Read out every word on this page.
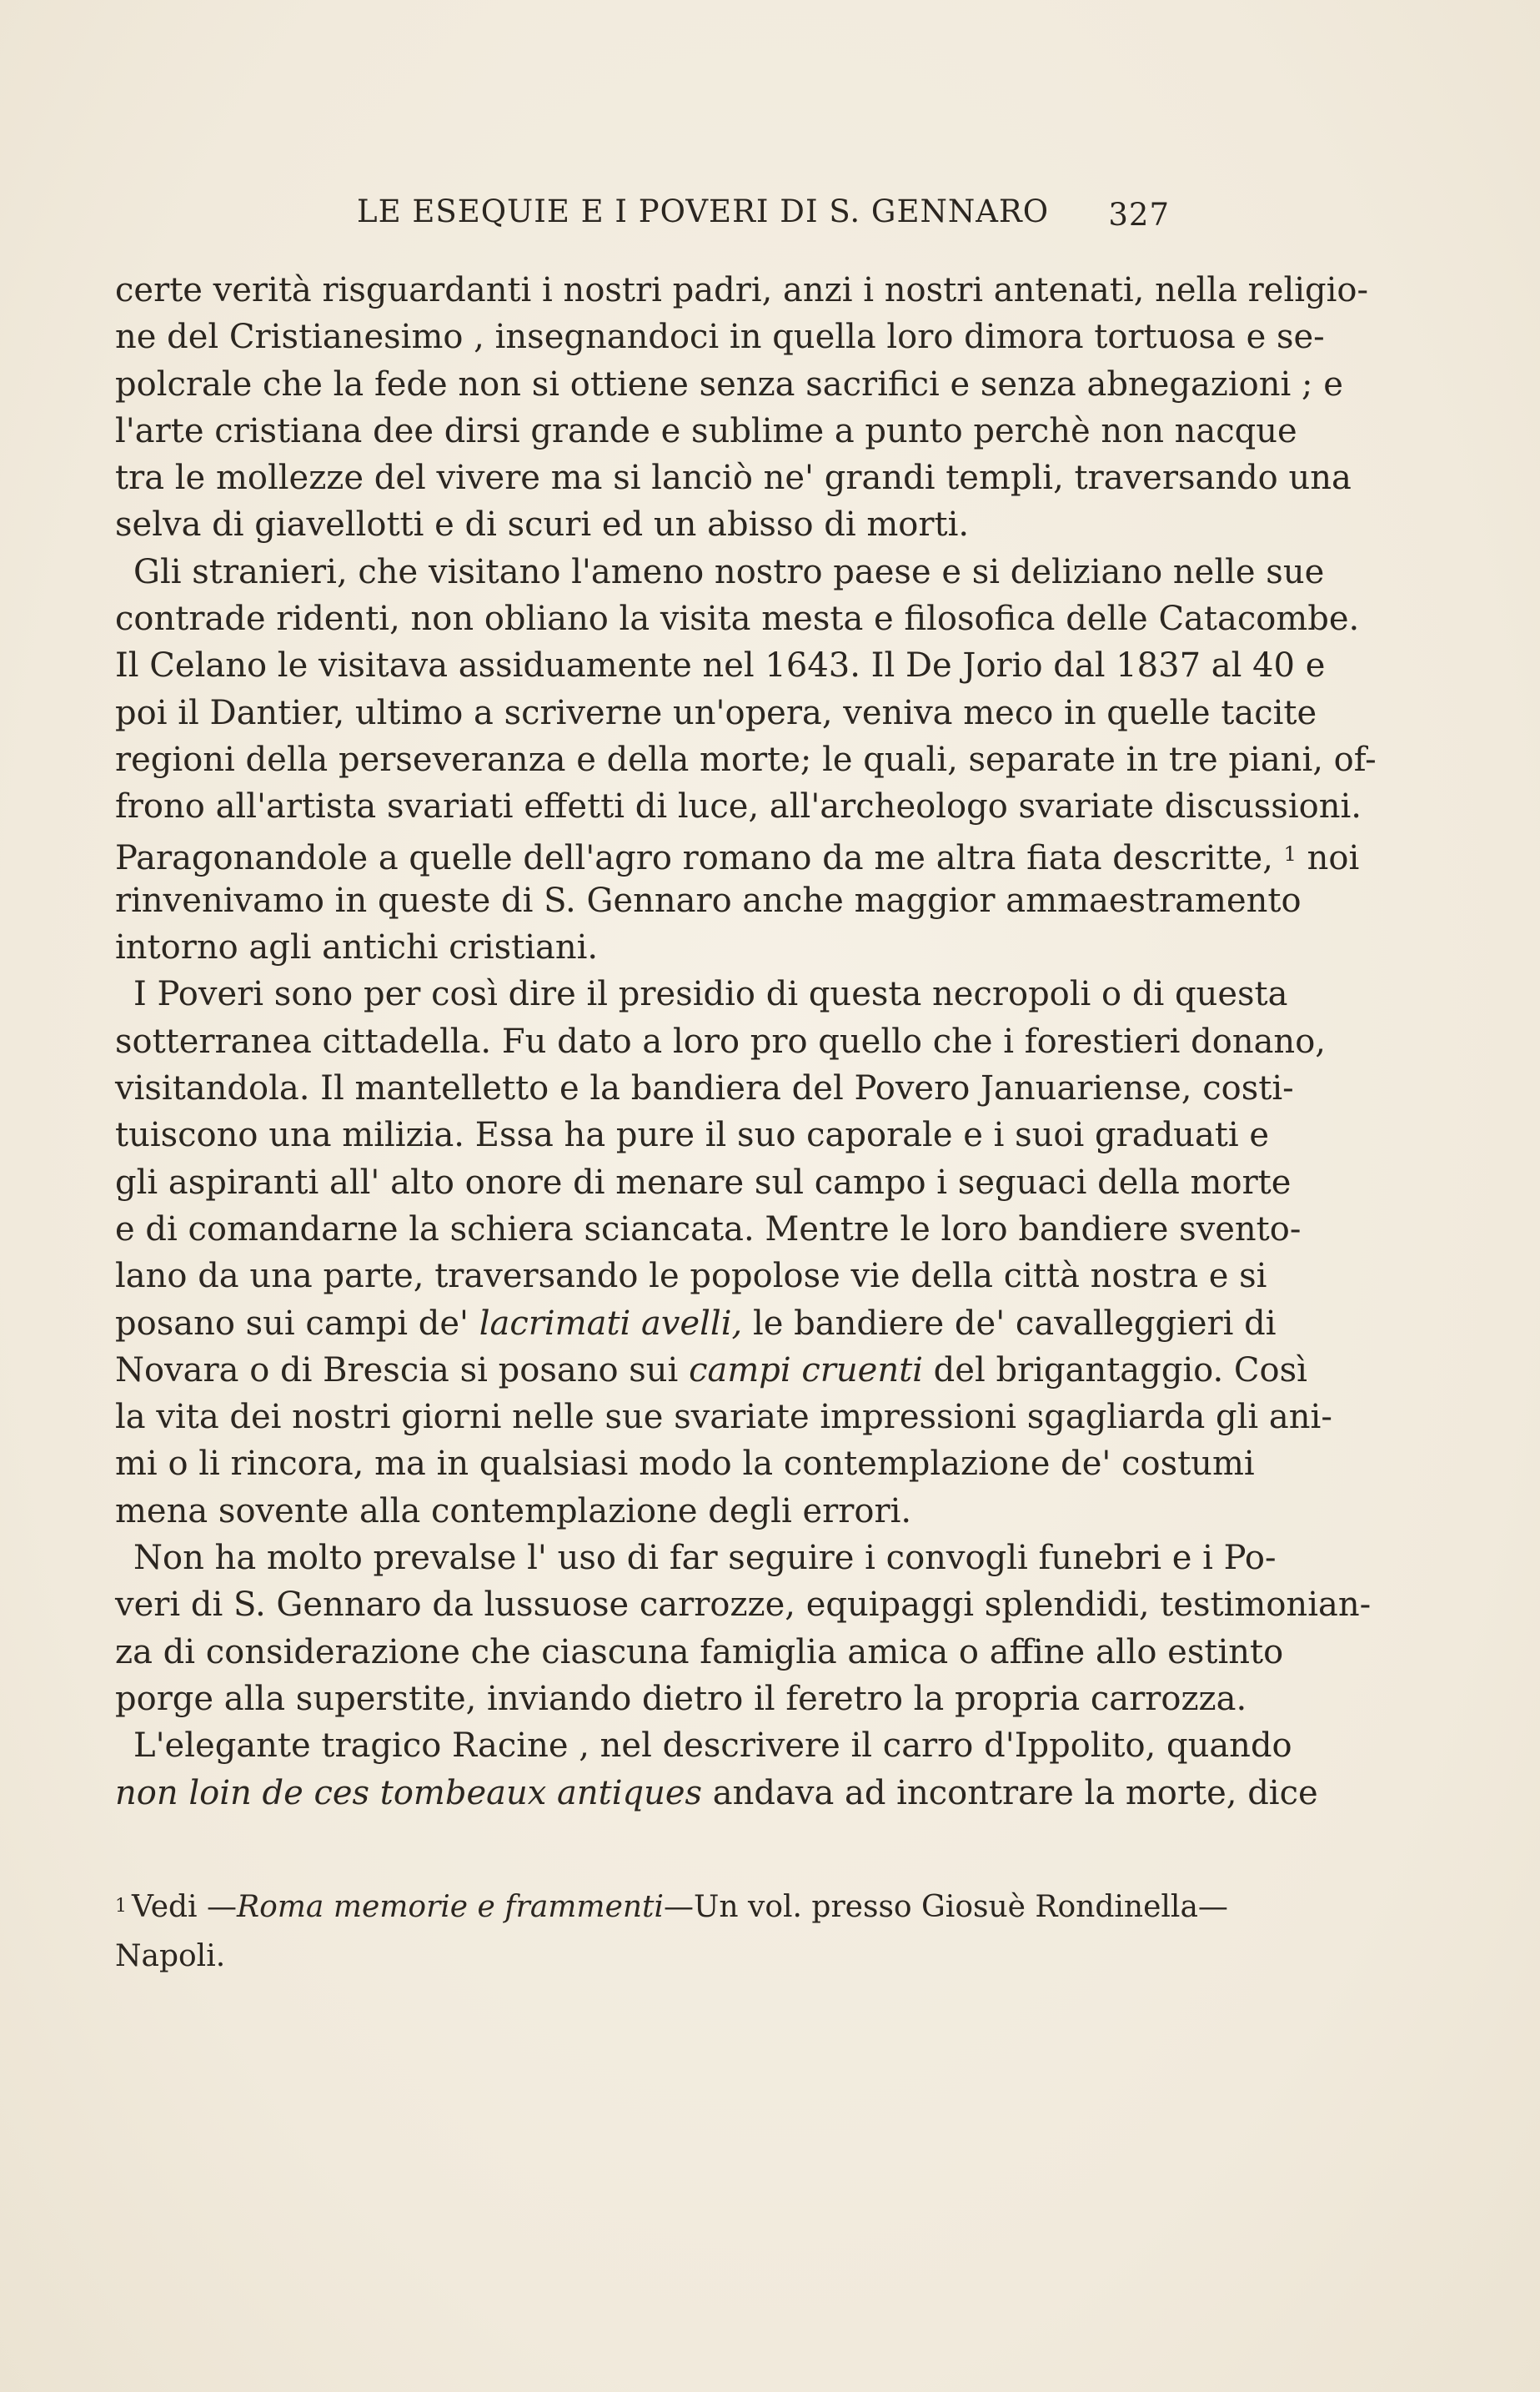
LE ESEQUIE E I POVERI DI S. GENNARO 327
certe verità risguardanti i nostri padri, anzi i nostri antenati, nella religio-
ne del Cristianesimo , insegnandoci in quella loro dimora tortuosa e se-
polcrale che la fede non si ottiene senza sacrifici e senza abnegazioni ; e
l'arte cristiana dee dirsi grande e sublime a punto perchè non nacque
tra le mollezze del vivere ma si lanciò ne' grandi templi, traversando una
selva di giavellotti e di scuri ed un abisso di morti.
Gli stranieri, che visitano l'ameno nostro paese e si deliziano nelle sue
contrade ridenti, non obliano la visita mesta e filosofica delle Catacombe.
Il Celano le visitava assiduamente nel 1643. Il De Jorio dal 1837 al 40 e
poi il Dantier, ultimo a scriverne un'opera, veniva meco in quelle tacite
regioni della perseveranza e della morte; le quali, separate in tre piani, of-
frono all'artista svariati effetti di luce, all'archeologo svariate discussioni.
Paragonandole a quelle dell'agro romano da me altra fiata descritte, $^1$ noi
rinvenivamo in queste di S. Gennaro anche maggior ammaestramento
intorno agli antichi cristiani.
I Poveri sono per così dire il presidio di questa necropoli o di questa
sotterranea cittadella. Fu dato a loro pro quello che i forestieri donano,
visitandola. Il mantelletto e la bandiera del Povero Januariense, costi-
tuiscono una milizia. Essa ha pure il suo caporale e i suoi graduati e
gli aspiranti all' alto onore di menare sul campo i seguaci della morte
e di comandarne la schiera sciancata. Mentre le loro bandiere svento-
lano da una parte, traversando le popolose vie della città nostra e si
posano sui campi de' lacrimati avelli, le bandiere de' cavalleggieri di
Novara o di Brescia si posano sui campi cruenti del brigantaggio. Così
la vita dei nostri giorni nelle sue svariate impressioni sgagliarda gli ani-
mi o li rincora, ma in qualsiasi modo la contemplazione de' costumi
mena sovente alla contemplazione degli errori.
Non ha molto prevalse l' uso di far seguire i convogli funebri e i Po-
veri di S. Gennaro da lussuose carrozze, equipaggi splendidi, testimonian-
za di considerazione che ciascuna famiglia amica o affine allo estinto
porge alla superstite, inviando dietro il feretro la propria carrozza.
L'elegante tragico Racine , nel descrivere il carro d'Ippolito, quando
non loin de ces tombeaux antiques andava ad incontrare la morte, dice
1 Vedi —Roma memorie e frammenti—Un vol. presso Giosuè Rondinella—
Napoli.
